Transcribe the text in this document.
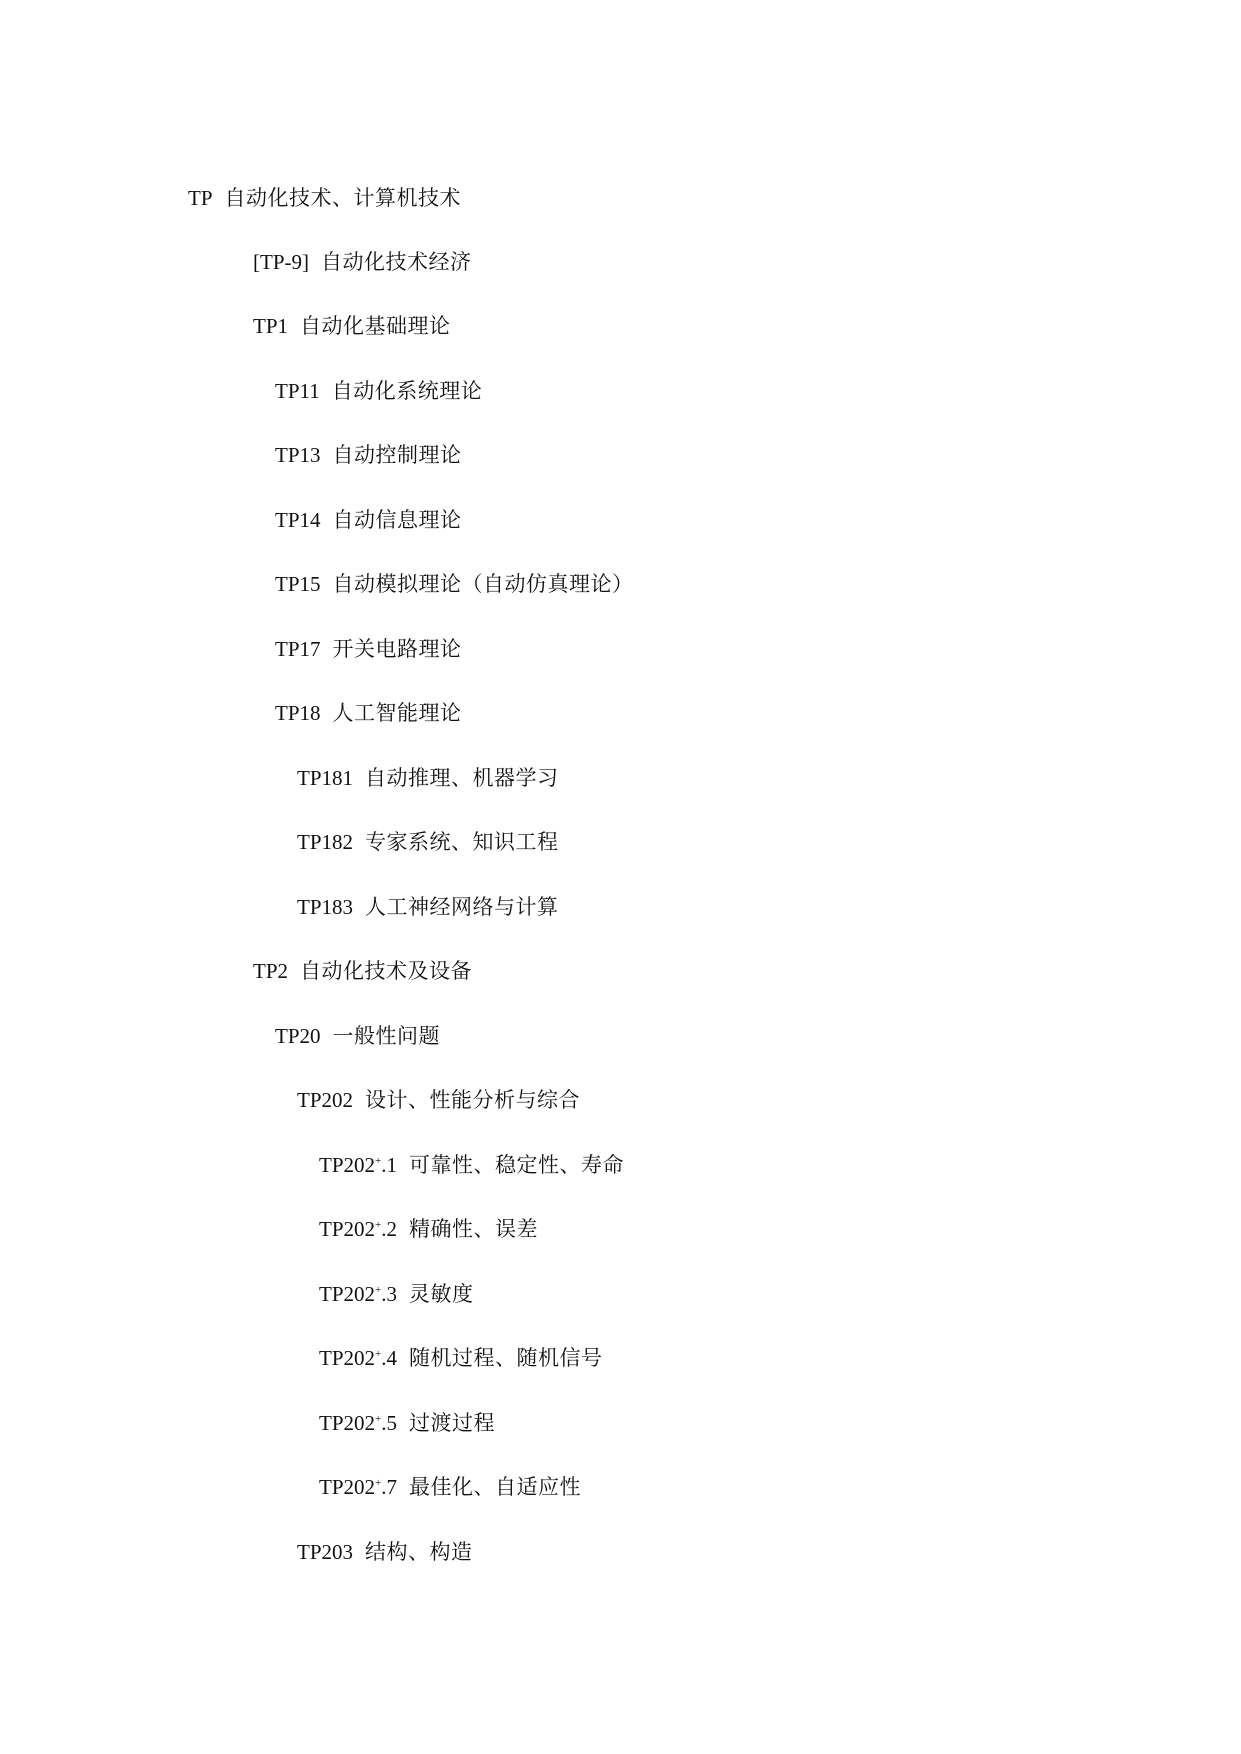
TP 自动化技术、计算机技术
[TP-9] 自动化技术经济
TP1 自动化基础理论
TP11 自动化系统理论
TP13 自动控制理论
TP14 自动信息理论
TP15 自动模拟理论（自动仿真理论）
TP17 开关电路理论
TP18 人工智能理论
TP181 自动推理、机器学习
TP182 专家系统、知识工程
TP183 人工神经网络与计算
TP2 自动化技术及设备
TP20 一般性问题
TP202 设计、性能分析与综合
TP202+.1 可靠性、稳定性、寿命
TP202+.2 精确性、误差
TP202+.3 灵敏度
TP202+.4 随机过程、随机信号
TP202+.5 过渡过程
TP202+.7 最佳化、自适应性
TP203 结构、构造
